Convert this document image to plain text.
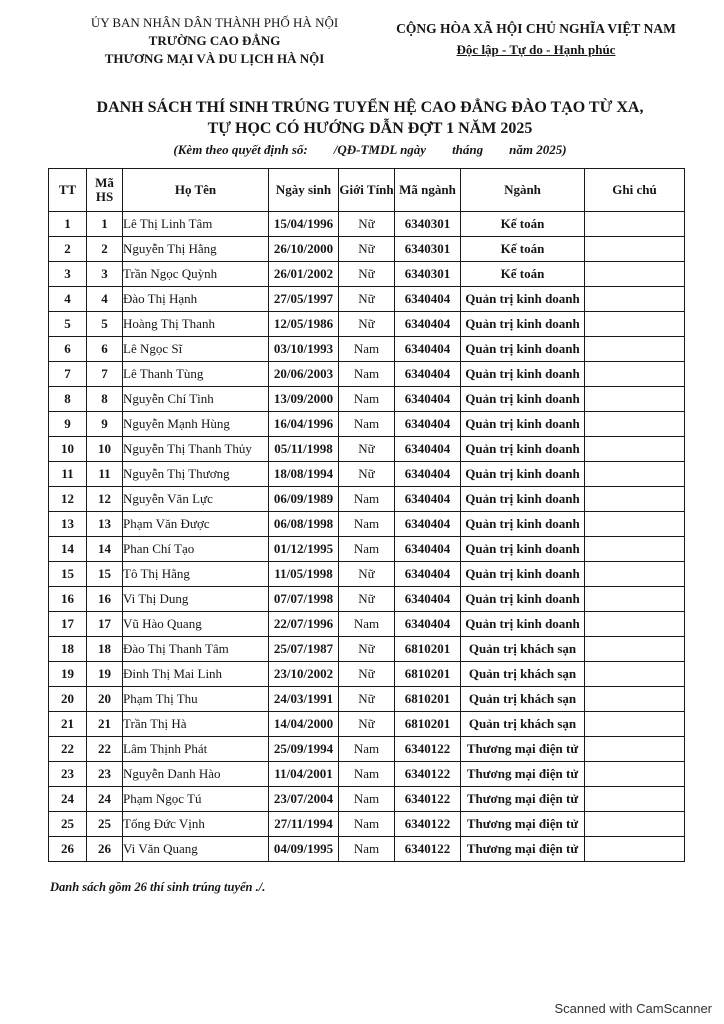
ỦY BAN NHÂN DÂN THÀNH PHỐ HÀ NỘI
TRƯỜNG CAO ĐẲNG
THƯƠNG MẠI VÀ DU LỊCH HÀ NỘI
CỘNG HÒA XÃ HỘI CHỦ NGHĨA VIỆT NAM
Độc lập - Tự do - Hạnh phúc
DANH SÁCH THÍ SINH TRÚNG TUYỂN HỆ CAO ĐẲNG ĐÀO TẠO TỪ XA,
TỰ HỌC CÓ HƯỚNG DẪN ĐỢT 1 NĂM 2025
(Kèm theo quyết định số:        /QĐ-TMDL ngày        tháng        năm 2025)
TT	Mã HS	Họ Tên	Ngày sinh	Giới Tính	Mã ngành	Ngành	Ghi chú
1	1	Lê Thị Linh Tâm	15/04/1996	Nữ	6340301	Kế toán	
2	2	Nguyễn Thị Hằng	26/10/2000	Nữ	6340301	Kế toán	
3	3	Trần Ngọc Quỳnh	26/01/2002	Nữ	6340301	Kế toán	
4	4	Đào Thị Hạnh	27/05/1997	Nữ	6340404	Quản trị kinh doanh	
5	5	Hoàng Thị Thanh	12/05/1986	Nữ	6340404	Quản trị kinh doanh	
6	6	Lê Ngọc Sĩ	03/10/1993	Nam	6340404	Quản trị kinh doanh	
7	7	Lê Thanh Tùng	20/06/2003	Nam	6340404	Quản trị kinh doanh	
8	8	Nguyễn Chí Tình	13/09/2000	Nam	6340404	Quản trị kinh doanh	
9	9	Nguyễn Mạnh Hùng	16/04/1996	Nam	6340404	Quản trị kinh doanh	
10	10	Nguyễn Thị Thanh Thủy	05/11/1998	Nữ	6340404	Quản trị kinh doanh	
11	11	Nguyễn Thị Thương	18/08/1994	Nữ	6340404	Quản trị kinh doanh	
12	12	Nguyễn Văn Lực	06/09/1989	Nam	6340404	Quản trị kinh doanh	
13	13	Phạm Văn Được	06/08/1998	Nam	6340404	Quản trị kinh doanh	
14	14	Phan Chí Tạo	01/12/1995	Nam	6340404	Quản trị kinh doanh	
15	15	Tô Thị Hằng	11/05/1998	Nữ	6340404	Quản trị kinh doanh	
16	16	Vi Thị Dung	07/07/1998	Nữ	6340404	Quản trị kinh doanh	
17	17	Vũ Hào Quang	22/07/1996	Nam	6340404	Quản trị kinh doanh	
18	18	Đào Thị Thanh Tâm	25/07/1987	Nữ	6810201	Quản trị khách sạn	
19	19	Đinh Thị Mai Linh	23/10/2002	Nữ	6810201	Quản trị khách sạn	
20	20	Phạm Thị Thu	24/03/1991	Nữ	6810201	Quản trị khách sạn	
21	21	Trần Thị Hà	14/04/2000	Nữ	6810201	Quản trị khách sạn	
22	22	Lâm Thịnh Phát	25/09/1994	Nam	6340122	Thương mại điện tử	
23	23	Nguyễn Danh Hào	11/04/2001	Nam	6340122	Thương mại điện tử	
24	24	Phạm Ngọc Tú	23/07/2004	Nam	6340122	Thương mại điện tử	
25	25	Tống Đức Vịnh	27/11/1994	Nam	6340122	Thương mại điện tử	
26	26	Vi Văn Quang	04/09/1995	Nam	6340122	Thương mại điện tử	
Danh sách gồm 26 thí sinh trúng tuyển ./.
Scanned with CamScanner
